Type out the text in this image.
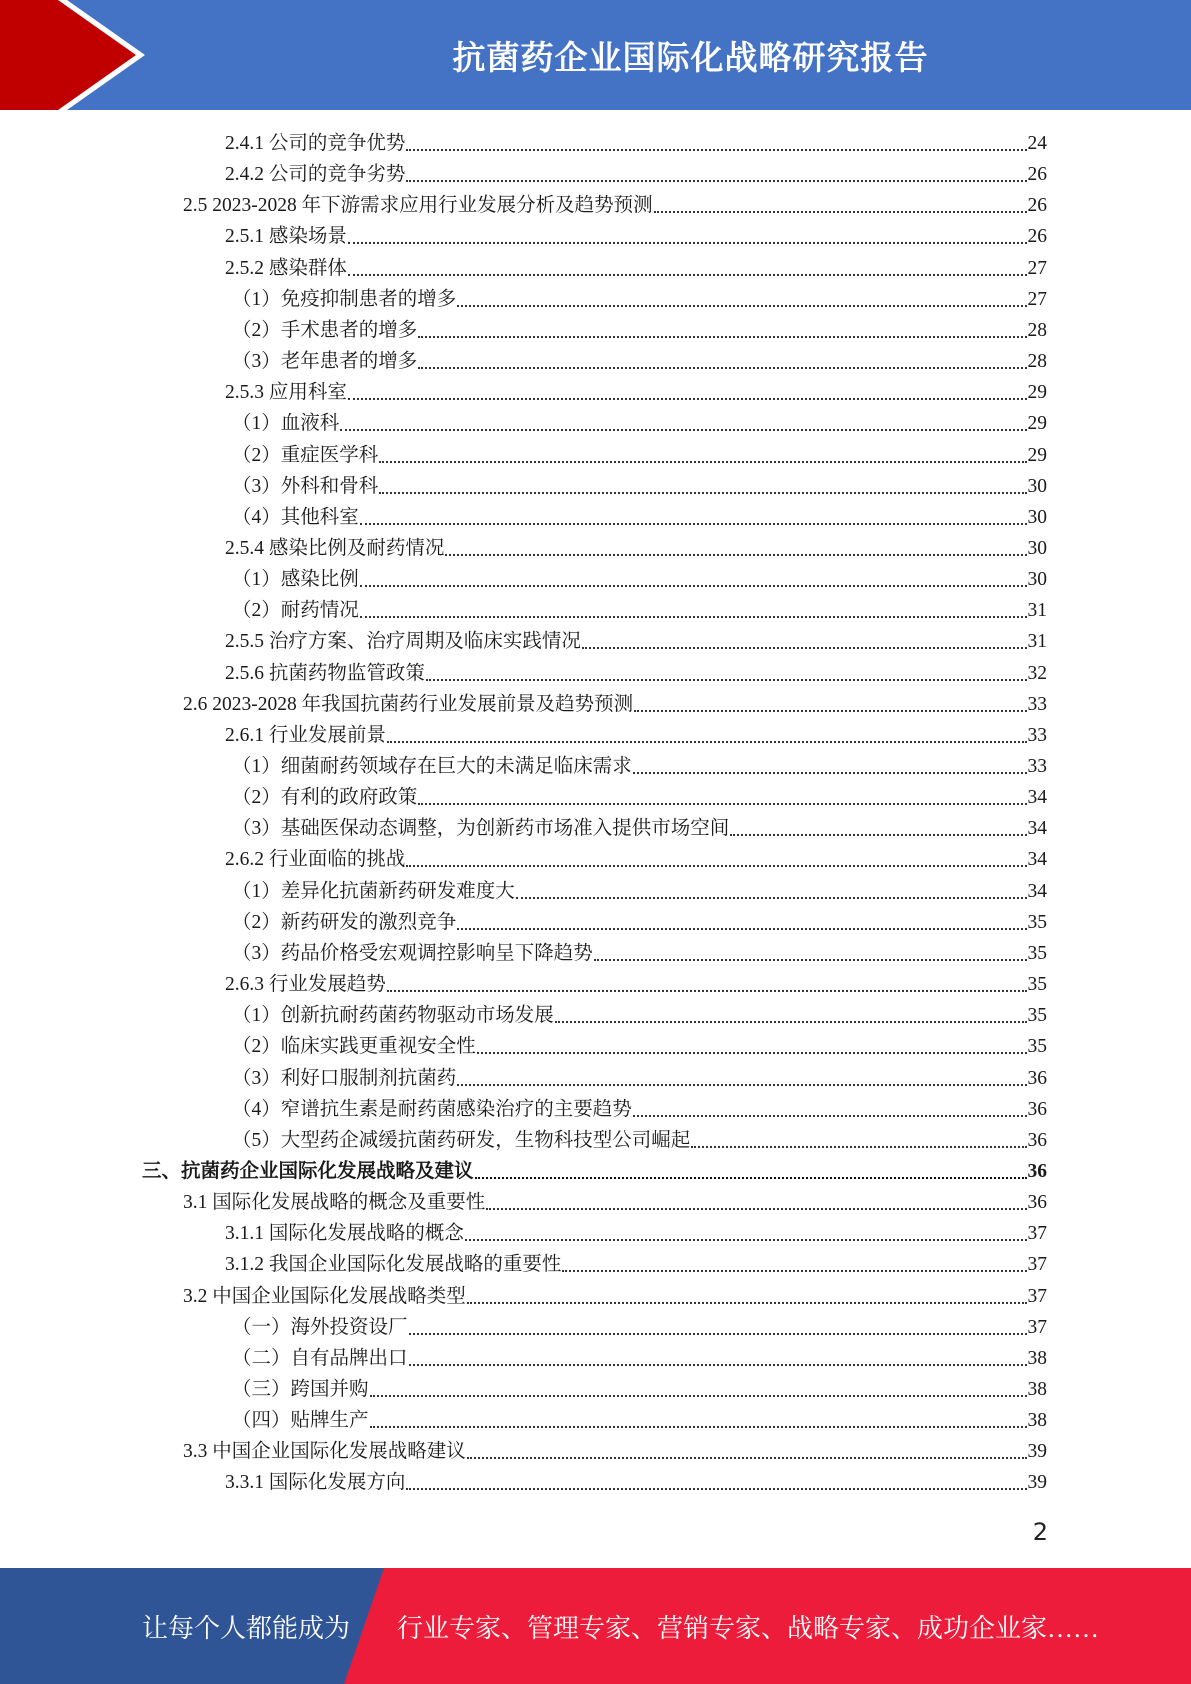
抗菌药企业国际化战略研究报告
2.4.1 公司的竞争优势	24
2.4.2 公司的竞争劣势	26
2.5 2023-2028 年下游需求应用行业发展分析及趋势预测	26
2.5.1 感染场景	26
2.5.2 感染群体	27
（1）免疫抑制患者的增多	27
（2）手术患者的增多	28
（3）老年患者的增多	28
2.5.3 应用科室	29
（1）血液科	29
（2）重症医学科	29
（3）外科和骨科	30
（4）其他科室	30
2.5.4 感染比例及耐药情况	30
（1）感染比例	30
（2）耐药情况	31
2.5.5 治疗方案、治疗周期及临床实践情况	31
2.5.6 抗菌药物监管政策	32
2.6 2023-2028 年我国抗菌药行业发展前景及趋势预测	33
2.6.1 行业发展前景	33
（1）细菌耐药领域存在巨大的未满足临床需求	33
（2）有利的政府政策	34
（3）基础医保动态调整，为创新药市场准入提供市场空间	34
2.6.2 行业面临的挑战	34
（1）差异化抗菌新药研发难度大	34
（2）新药研发的激烈竞争	35
（3）药品价格受宏观调控影响呈下降趋势	35
2.6.3 行业发展趋势	35
（1）创新抗耐药菌药物驱动市场发展	35
（2）临床实践更重视安全性	35
（3）利好口服制剂抗菌药	36
（4）窄谱抗生素是耐药菌感染治疗的主要趋势	36
（5）大型药企减缓抗菌药研发，生物科技型公司崛起	36
三、抗菌药企业国际化发展战略及建议	36
3.1 国际化发展战略的概念及重要性	36
3.1.1 国际化发展战略的概念	37
3.1.2 我国企业国际化发展战略的重要性	37
3.2 中国企业国际化发展战略类型	37
（一）海外投资设厂	37
（二）自有品牌出口	38
（三）跨国并购	38
（四）贴牌生产	38
3.3 中国企业国际化发展战略建议	39
3.3.1 国际化发展方向	39
2
让每个人都能成为 行业专家、管理专家、营销专家、战略专家、成功企业家……
